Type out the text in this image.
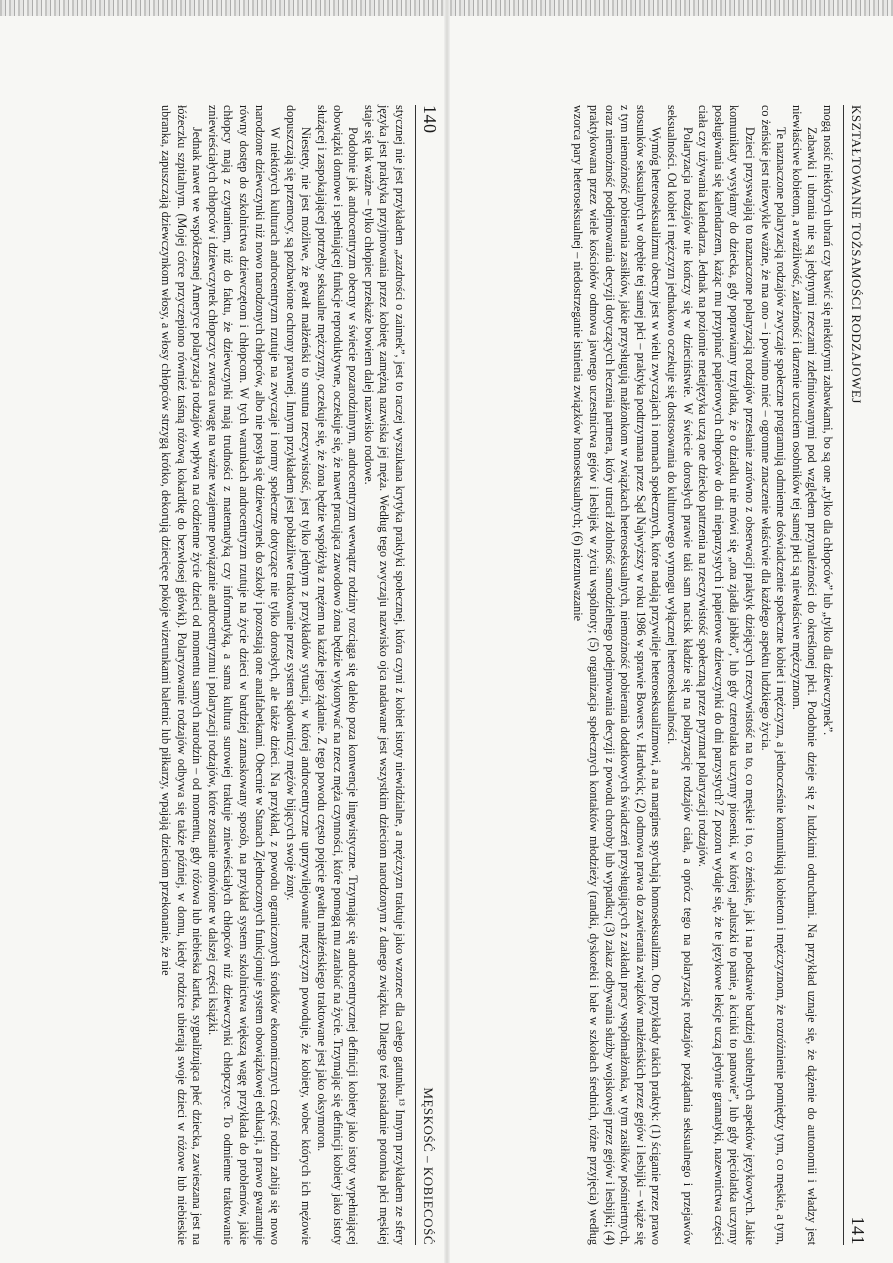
140
MĘSKOŚĆ – KOBIECOŚĆ

stycznej nie jest przykładem „zazdrości o zaimek”, jest to raczej wyszukana krytyka praktyki społecznej, która czyni z kobiet istoty niewidzialne, a mężczyzn traktuje jako wzorzec dla całego gatunku.¹³ Innym przykładem ze sfery języka jest praktyka przyjmowania przez kobietę zamężną nazwiska jej męża. Według tego zwyczaju nazwisko ojca nadawane jest wszystkim dzieciom narodzonym z danego związku. Dlatego też posiadanie potomka płci męskiej staje się tak ważne – tylko chłopiec przekaże bowiem dalej nazwisko rodowe.

Podobnie jak androcentryzm obecny w świecie pozarodzinnym, androcentryzm wewnątrz rodziny rozciąga się daleko poza konwencje lingwistyczne. Trzymając się androcentrycznej definicji kobiety jako istoty wypełniającej obowiązki domowe i spełniającej funkcje reproduktywne, oczekuje się, że nawet pracująca zawodowo żona będzie wykonywać na rzecz męża czynności, które pomogą mu zarabiać na życie. Trzymając się definicji kobiety jako istoty służącej i zaspokajającej potrzeby seksualne mężczyzny, oczekuje się, że żona będzie współżyła z mężem na każde jego żądanie. Z tego powodu często pojęcie gwałtu małżeńskiego traktowane jest jako oksymoron.

Niestety, nie jest możliwe, że gwałt małżeński to smutna rzeczywistość, jest tylko jednym z przykładów sytuacji, w której androcentryczne uprzywilejowanie mężczyzn powoduje, że kobiety, wobec których ich mężowie dopuszczają się przemocy, są pozbawione ochrony prawnej. Innym przykładem jest pobłażliwe traktowanie przez system sądowniczy mężów bijących swoje żony.

W niektórych kulturach androcentryzm rzutuje na zwyczaje i normy społeczne dotyczące nie tylko dorosłych, ale także dzieci. Na przykład, z powodu ograniczonych środków ekonomicznych część rodzin zabija się nowo narodzone dziewczynki niż nowo narodzonych chłopców, albo nie posyła się dziewczynek do szkoły i pozostają one analfabetkami. Obecnie w Stanach Zjednoczonych funkcjonuje system obowiązkowej edukacji, a prawo gwarantuje równy dostęp do szkolnictwa dziewczętom i chłopcom. W tych warunkach androcentryzm rzutuje na życie dzieci w bardziej zamaskowany sposób, na przykład system szkolnictwa większą wagę przykłada do problemów, jakie chłopcy mają z czytaniem, niż do faktu, że dziewczynki mają trudności z matematyką czy informatyką, a sama kultura surowiej traktuje zniewieściałych chłopców niż dziewczynki chłopczyce. To odmienne traktowanie zniewieściałych chłopców i dziewczynek chłopczyc zwraca uwagę na ważne wzajemne powiązanie androcentryzmu i polaryzacji rodzajów, które zostanie omówione w dalszej części książki.

Jednak nawet we współczesnej Ameryce polaryzacja rodzajów wpływa na codzienne życie dzieci od momentu samych narodzin – od momentu, gdy różowa lub niebieska kartka, sygnalizująca płeć dziecka, zawieszana jest na łóżeczku szpitalnym. (Mojej córce przyczepiono również taśmą różową kokardkę do bezwłosej główki). Polaryzowanie rodzajów odbywa się także później, w domu, kiedy rodzice ubierają swoje dzieci w różowe lub niebieskie ubranka, zapuszczają dziewczynkom włosy, a włosy chłopców strzygą krótko, dekorują dziecięce pokoje wizerunkami baletnic lub piłkarzy, wpajają dzieciom przekonanie, że nie	KSZTAŁTOWANIE TOŻSAMOŚCI RODZAJOWEJ
141

mogą nosić niektórych ubrań czy bawić się niektórymi zabawkami, bo są one „tylko dla chłopców” lub „tylko dla dziewczynek”.

Zabawki i ubrania nie są jedynymi rzeczami zdefiniowanymi pod względem przynależności do określonej płci. Podobnie dzieje się z ludzkimi odruchami. Na przykład uznaje się, że dążenie do autonomii i władzy jest niewłaściwe kobietom, a wrażliwość, zależność i darzenie uczuciem osobników tej samej płci są niewłaściwe mężczyznom.

Te naznaczone polaryzacją rodzajów zwyczaje społeczne programują odmienne doświadczenie społeczne kobiet i mężczyzn, a jednocześnie komunikują kobietom i mężczyznom, że rozróżnienie pomiędzy tym, co męskie, a tym, co żeńskie jest niezwykle ważne, że ma ono – i powinno mieć – ogromne znaczenie właściwie dla każdego aspektu ludzkiego życia.

Dzieci przyswajają to naznaczone polaryzacją rodzajów przesłanie zarówno z obserwacji praktyk dziejących rzeczywistość na to, co męskie i to, co żeńskie, jak i na podstawie bardziej subtelnych aspektów językowych. Jakie komunikaty wysyłamy do dziecka, gdy poprawiamy trzylatka, że o dziadku nie mówi się „ona zjadła jabłko”, lub gdy czterolatka uczymy piosenki, w której „paluszki to panie, a kciuki to panowie”, lub gdy pięciolatka uczymy posługiwania się kalendarzem, każąc mu przypinać papierowych chłopców do dni nieparzystych i papierowe dziewczynki do dni parzystych? Z pozoru wydaje się, że te językowe lekcje uczą jedynie gramatyki, nazewnictwa części ciała czy używania kalendarza. Jednak na poziomie metajęzyka uczą one dziecko patrzenia na rzeczywistość społeczną przez pryzmat polaryzacji rodzajów.

Polaryzacja rodzajów nie kończy się w dzieciństwie. W świecie dorosłych prawie taki sam nacisk kładzie się na polaryzację rodzajów ciała, a oprócz tego na polaryzację rodzajów pożądania seksualnego i przejawów seksualności. Od kobiet i mężczyzn jednakowo oczekuje się dostosowania do kulturowego wymogu wyłącznej heteroseksualności.

Wymóg heteroseksualizmu obecny jest w wielu zwyczajach i normach społecznych, które nadają przywileje heteroseksualizmowi, a na margines spychają homoseksualizm. Oto przykłady takich praktyk: (1) ściganie przez prawo stosunków seksualnych w obrębie tej samej płci – praktyka podtrzymana przez Sąd Najwyższy w roku 1986 w sprawie Bowers v. Hardwick; (2) odmowa prawa do zawierania związków małżeńskich przez gejów i lesbijki – wiąże się z tym niemożność pobierania zasiłków, jakie przysługują małżonkom w związkach heteroseksualnych, niemożność pobierania dodatkowych świadczeń przysługujących z zakładu pracy współmałżonka, w tym zasiłków pośmiertnych, oraz niemożność podejmowania decyzji dotyczących leczenia partnera, który utracił zdolność samodzielnego podejmowania decyzji z powodu choroby lub wypadku; (3) zakaz odbywania służby wojskowej przez gejów i lesbijki; (4) praktykowana przez wiele kościołów odmowa jawnego uczestnictwa gejów i lesbijek w życiu wspólnoty; (5) organizacja społecznych kontaktów młodzieży (randki, dyskoteki i bale w szkołach średnich, różne przyjęcia) według wzorca pary heteroseksualnej – niedostrzeganie istnienia związków homoseksualnych; (6) nieznuwazanie
